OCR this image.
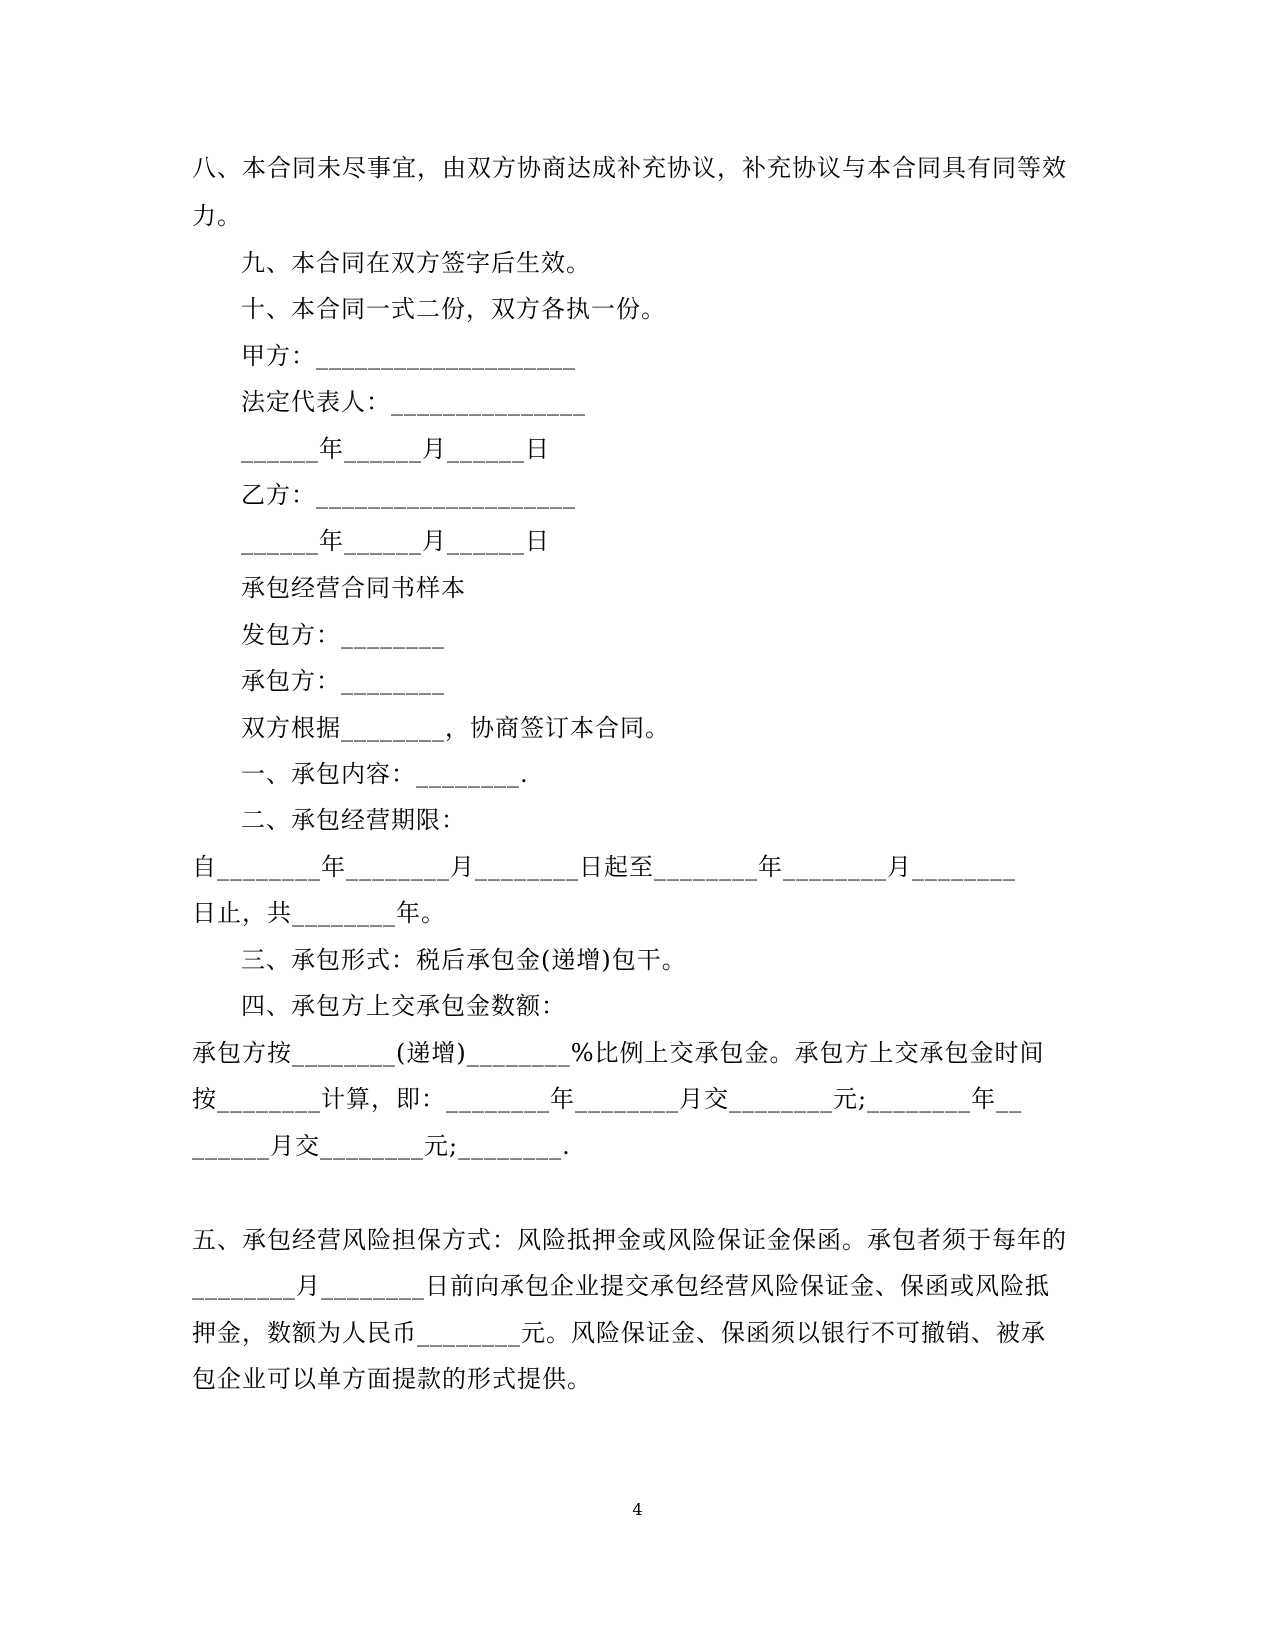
八、本合同未尽事宜，由双方协商达成补充协议，补充协议与本合同具有同等效
力。
九、本合同在双方签字后生效。
十、本合同一式二份，双方各执一份。
甲方：____________________
法定代表人：_______________
______年______月______日
乙方：____________________
______年______月______日
承包经营合同书样本
发包方：________
承包方：________
双方根据________，协商签订本合同。
一、承包内容：________.
二、承包经营期限：
自________年________月________日起至________年________月________
日止，共________年。
三、承包形式：税后承包金(递增)包干。
四、承包方上交承包金数额：
承包方按________(递增)________%比例上交承包金。承包方上交承包金时间
按________计算，即：________年________月交________元;________年__
______月交________元;________.
五、承包经营风险担保方式：风险抵押金或风险保证金保函。承包者须于每年的
________月________日前向承包企业提交承包经营风险保证金、保函或风险抵
押金，数额为人民币________元。风险保证金、保函须以银行不可撤销、被承
包企业可以单方面提款的形式提供。
4
